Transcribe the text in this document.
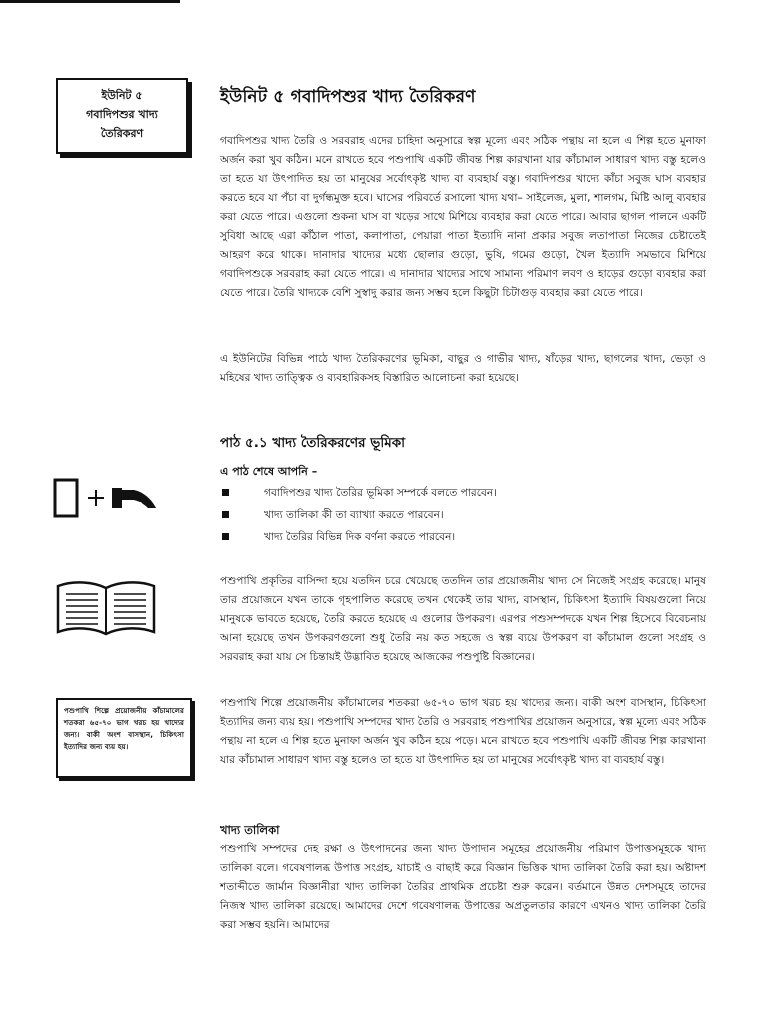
ইউনিট ৫
গবাদিপশুর খাদ্য
তৈরিকরণ
ইউনিট ৫ গবাদিপশুর খাদ্য তৈরিকরণ

গবাদিপশুর খাদ্য তৈরি ও সরবরাহ এদের চাহিদা অনুসারে স্বল্প মূল্যে এবং সঠিক পন্থায় না হলে এ শিল্প হতে মুনাফা অর্জন করা খুব কঠিন। মনে রাখতে হবে পশুপাখি একটি জীবন্ত শিল্প কারখানা যার কাঁচামাল সাধারণ খাদ্য বস্তু হলেও তা হতে যা উৎপাদিত হয় তা মানুষের সর্বোৎকৃষ্ট খাদ্য বা ব্যবহার্য বস্তু। গবাদিপশুর খাদ্যে কাঁচা সবুজ ঘাস ব্যবহার করতে হবে যা পঁচা বা দুর্গন্ধমুক্ত হবে। ঘাসের পরিবর্তে রসালো খাদ্য যথা– সাইলেজ, মুলা, শালগম, মিষ্টি আলু ব্যবহার করা যেতে পারে। এগুলো শুকনা ঘাস বা খড়ের সাথে মিশিয়ে ব্যবহার করা যেতে পারে। আবার ছাগল পালনে একটি সুবিধা আছে এরা কাঁঠাল পাতা, কলাপাতা, পেয়ারা পাতা ইত্যাদি নানা প্রকার সবুজ লতাপাতা নিজের চেষ্টাতেই আহরণ করে থাকে। দানাদার খাদ্যের মধ্যে ছোলার গুড়ো, ভুষি, গমের গুড়ো, খৈল ইত্যাদি সমভাবে মিশিয়ে গবাদিপশুকে সরবরাহ করা যেতে পারে। এ দানাদার খাদ্যের সাথে সামান্য পরিমাণ লবণ ও হাড়ের গুড়ো ব্যবহার করা যেতে পারে। তৈরি খাদ্যকে বেশি সুস্বাদু করার জন্য সম্ভব হলে কিছুটা চিটাগুড় ব্যবহার করা যেতে পারে।

এ ইউনিটের বিভিন্ন পাঠে খাদ্য তৈরিকরণের ভূমিকা, বাছুর ও গাভীর খাদ্য, ষাঁড়ের খাদ্য, ছাগলের খাদ্য, ভেড়া ও মহিষের খাদ্য তাত্ত্বিক ও ব্যবহারিকসহ বিস্তারিত আলোচনা করা হয়েছে।

পাঠ ৫.১ খাদ্য তৈরিকরণের ভূমিকা
এ পাঠ শেষে আপনি –
গবাদিপশুর খাদ্য তৈরির ভূমিকা সম্পর্কে বলতে পারবেন।
খাদ্য তালিকা কী তা ব্যাখ্যা করতে পারবেন।
খাদ্য তৈরির বিভিন্ন দিক বর্ণনা করতে পারবেন।

পশুপাখি প্রকৃতির বাসিন্দা হয়ে যতদিন চরে খেয়েছে ততদিন তার প্রয়োজনীয় খাদ্য সে নিজেই সংগ্রহ করেছে। মানুষ তার প্রয়োজনে যখন তাকে গৃহপালিত করেছে তখন থেকেই তার খাদ্য, বাসস্থান, চিকিৎসা ইত্যাদি বিষয়গুলো নিয়ে মানুষকে ভাবতে হয়েছে, তৈরি করতে হয়েছে এ গুলোর উপকরণ। এরপর পশুসম্পদকে যখন শিল্প হিসেবে বিবেচনায় আনা হয়েছে তখন উপকরণগুলো শুধু তৈরি নয় কত সহজে ও স্বল্প ব্যয়ে উপকরণ বা কাঁচামাল গুলো সংগ্রহ ও সরবরাহ করা যায় সে চিন্তায়ই উদ্ভাবিত হয়েছে আজকের পশুপুষ্টি বিজ্ঞানের।

পশুপাখি শিল্পে প্রয়োজনীয় কাঁচামালের শতকরা ৬৫-৭০ ভাগ খরচ হয় খাদ্যের জন্য। বাকী অংশ বাসস্থান, চিকিৎসা ইত্যাদির জন্য ব্যয় হয়।

পশুপাখি শিল্পে প্রয়োজনীয় কাঁচামালের শতকরা ৬৫-৭০ ভাগ খরচ হয় খাদ্যের জন্য। বাকী অংশ বাসস্থান, চিকিৎসা ইত্যাদির জন্য ব্যয় হয়। পশুপাখি সম্পদের খাদ্য তৈরি ও সরবরাহ পশুপাখির প্রয়োজন অনুসারে, স্বল্প মূল্যে এবং সঠিক পন্থায় না হলে এ শিল্প হতে মুনাফা অর্জন খুব কঠিন হয়ে পড়ে। মনে রাখতে হবে পশুপাখি একটি জীবন্ত শিল্প কারখানা যার কাঁচামাল সাধারণ খাদ্য বস্তু হলেও তা হতে যা উৎপাদিত হয় তা মানুষের সর্বোৎকৃষ্ট খাদ্য বা ব্যবহার্য বস্তু।

খাদ্য তালিকা

পশুপাখি সম্পদের দেহ রক্ষা ও উৎপাদনের জন্য খাদ্য উপাদান সমূহের প্রয়োজনীয় পরিমাণ উপাত্তসমূহকে খাদ্য তালিকা বলে। গবেষণালব্ধ উপাত্ত সংগ্রহ, যাচাই ও বাছাই করে বিজ্ঞান ভিত্তিক খাদ্য তালিকা তৈরি করা হয়। অষ্টাদশ শতাব্দীতে জার্মান বিজ্ঞানীরা খাদ্য তালিকা তৈরির প্রাথমিক প্রচেষ্টা শুরু করেন। বর্তমানে উন্নত দেশসমূহে তাদের নিজস্ব খাদ্য তালিকা রয়েছে। আমাদের দেশে গবেষণালব্ধ উপাত্তের অপ্রতুলতার কারণে এখনও খাদ্য তালিকা তৈরি করা সম্ভব হয়নি। আমাদের
